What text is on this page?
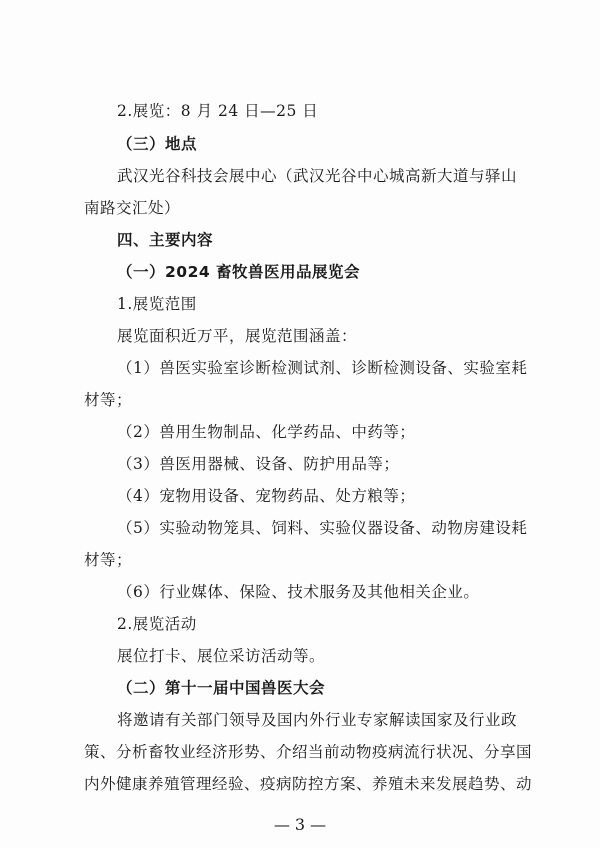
2.展览：8 月 24 日—25 日
（三）地点
武汉光谷科技会展中心（武汉光谷中心城高新大道与驿山
南路交汇处）
四、主要内容
（一）2024 畜牧兽医用品展览会
1.展览范围
展览面积近万平，展览范围涵盖：
（1）兽医实验室诊断检测试剂、诊断检测设备、实验室耗
材等；
（2）兽用生物制品、化学药品、中药等；
（3）兽医用器械、设备、防护用品等；
（4）宠物用设备、宠物药品、处方粮等；
（5）实验动物笼具、饲料、实验仪器设备、动物房建设耗
材等；
（6）行业媒体、保险、技术服务及其他相关企业。
2.展览活动
展位打卡、展位采访活动等。
（二）第十一届中国兽医大会
将邀请有关部门领导及国内外行业专家解读国家及行业政
策、分析畜牧业经济形势、介绍当前动物疫病流行状况、分享国
内外健康养殖管理经验、疫病防控方案、养殖未来发展趋势、动
— 3 —
